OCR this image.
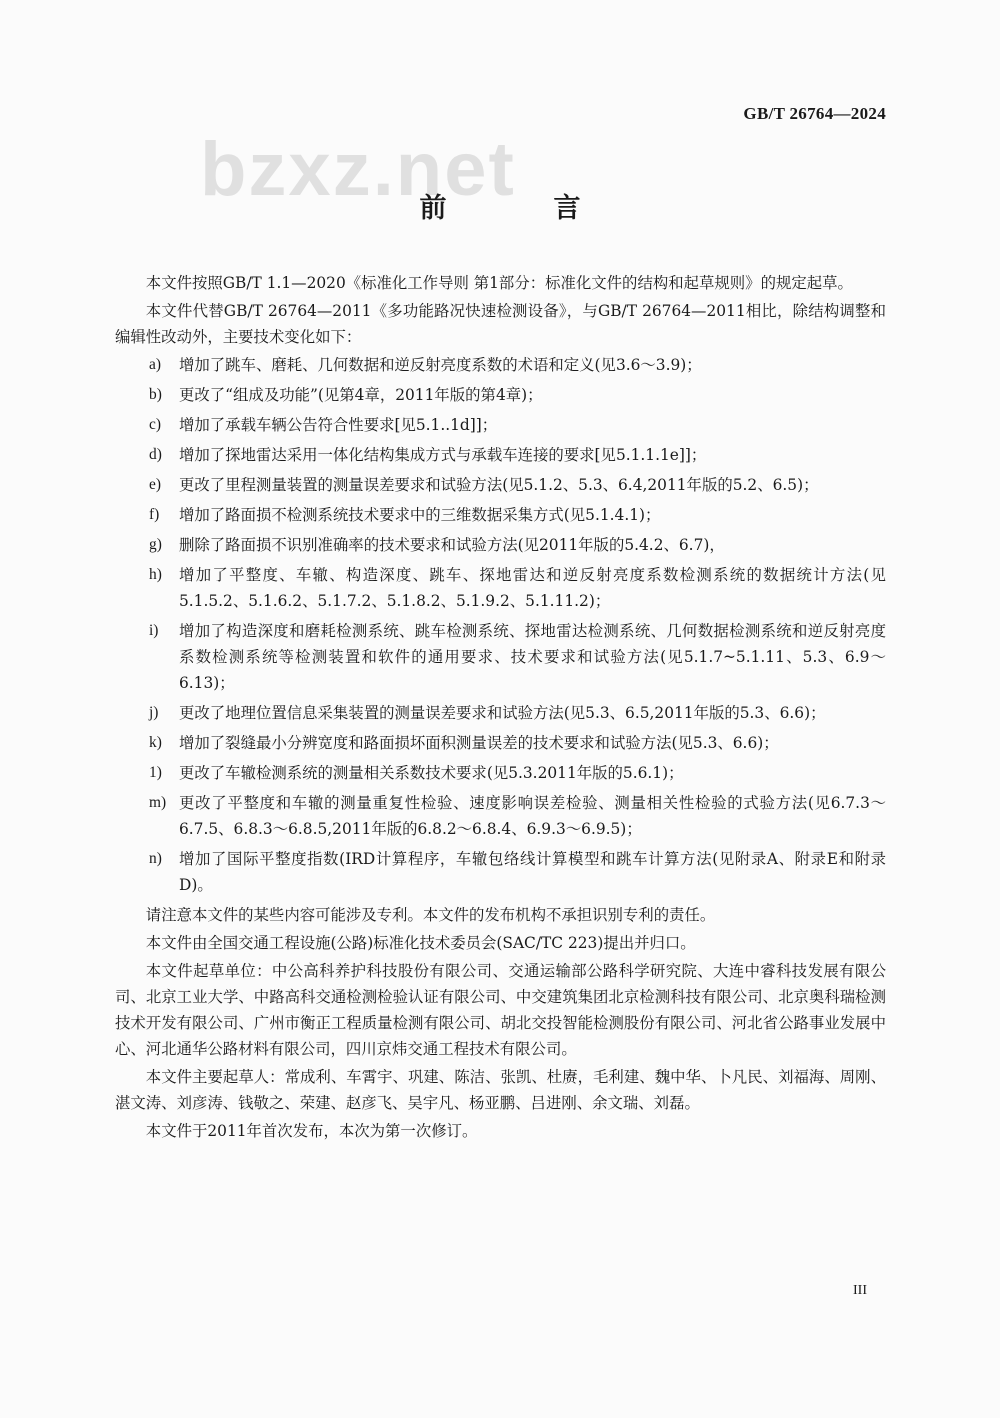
bzxz.net
GB/T 26764—2024
前　言

本文件按照GB/T 1.1—2020《标准化工作导则 第1部分：标准化文件的结构和起草规则》的规定起草。

本文件代替GB/T 26764—2011《多功能路况快速检测设备》，与GB/T 26764—2011相比，除结构调整和编辑性改动外，主要技术变化如下：

a) 增加了跳车、磨耗、几何数据和逆反射亮度系数的术语和定义(见3.6～3.9)；
b) 更改了“组成及功能”(见第4章，2011年版的第4章)；
c) 增加了承载车辆公告符合性要求[见5.1..1d]]；
d) 增加了探地雷达采用一体化结构集成方式与承载车连接的要求[见5.1.1.1e]]；
e) 更改了里程测量装置的测量误差要求和试验方法(见5.1.2、5.3、6.4,2011年版的5.2、6.5)；
f) 增加了路面损不检测系统技术要求中的三维数据采集方式(见5.1.4.1)；
g) 删除了路面损不识别准确率的技术要求和试验方法(见2011年版的5.4.2、6.7)，
h) 增加了平整度、车辙、构造深度、跳车、探地雷达和逆反射亮度系数检测系统的数据统计方法(见5.1.5.2、5.1.6.2、5.1.7.2、5.1.8.2、5.1.9.2、5.1.11.2)；
i) 增加了构造深度和磨耗检测系统、跳车检测系统、探地雷达检测系统、几何数据检测系统和逆反射亮度系数检测系统等检测装置和软件的通用要求、技术要求和试验方法(见5.1.7~5.1.11、5.3、6.9～6.13)；
j) 更改了地理位置信息采集装置的测量误差要求和试验方法(见5.3、6.5,2011年版的5.3、6.6)；
k) 增加了裂缝最小分辨宽度和路面损坏面积测量误差的技术要求和试验方法(见5.3、6.6)；
1) 更改了车辙检测系统的测量相关系数技术要求(见5.3.2011年版的5.6.1)；
m) 更改了平整度和车辙的测量重复性检验、速度影响误差检验、测量相关性检验的式验方法(见6.7.3～6.7.5、6.8.3～6.8.5,2011年版的6.8.2～6.8.4、6.9.3～6.9.5)；
n) 增加了国际平整度指数(IRD计算程序，车辙包络线计算模型和跳车计算方法(见附录A、附录E和附录D)。

请注意本文件的某些内容可能涉及专利。本文件的发布机构不承担识别专利的责任。

本文件由全国交通工程设施(公路)标准化技术委员会(SAC/TC 223)提出并归口。

本文件起草单位：中公高科养护科技股份有限公司、交通运输部公路科学研究院、大连中睿科技发展有限公司、北京工业大学、中路高科交通检测检验认证有限公司、中交建筑集团北京检测科技有限公司、北京奥科瑞检测技术开发有限公司、广州市衡正工程质量检测有限公司、胡北交投智能检测股份有限公司、河北省公路事业发展中心、河北通华公路材料有限公司，四川京炜交通工程技术有限公司。

本文件主要起草人：常成利、车霄宇、巩建、陈洁、张凯、杜赓，毛利建、魏中华、卜凡民、刘福海、周刚、湛文涛、刘彦涛、钱敬之、荣建、赵彦飞、吴宇凡、杨亚鹏、吕进刚、余文瑞、刘磊。

本文件于2011年首次发布，本次为第一次修订。

III
